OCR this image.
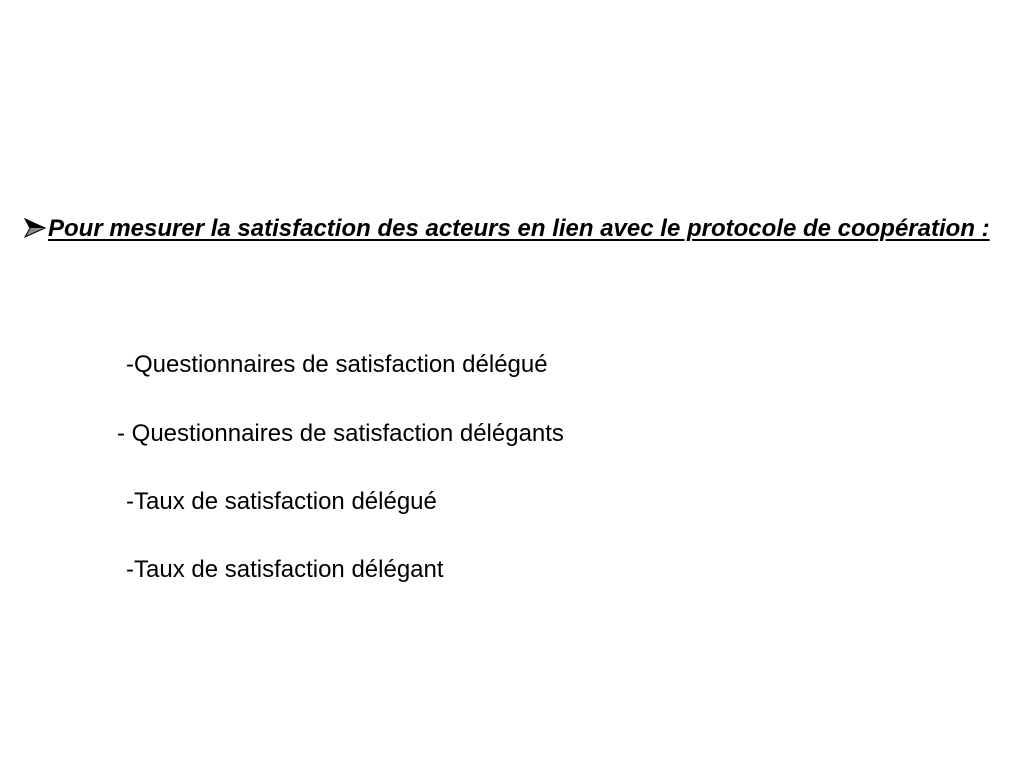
Pour mesurer la satisfaction des acteurs en lien avec le protocole de coopération :
-Questionnaires de satisfaction délégué
- Questionnaires de satisfaction délégants
-Taux de satisfaction délégué
-Taux de satisfaction délégant
